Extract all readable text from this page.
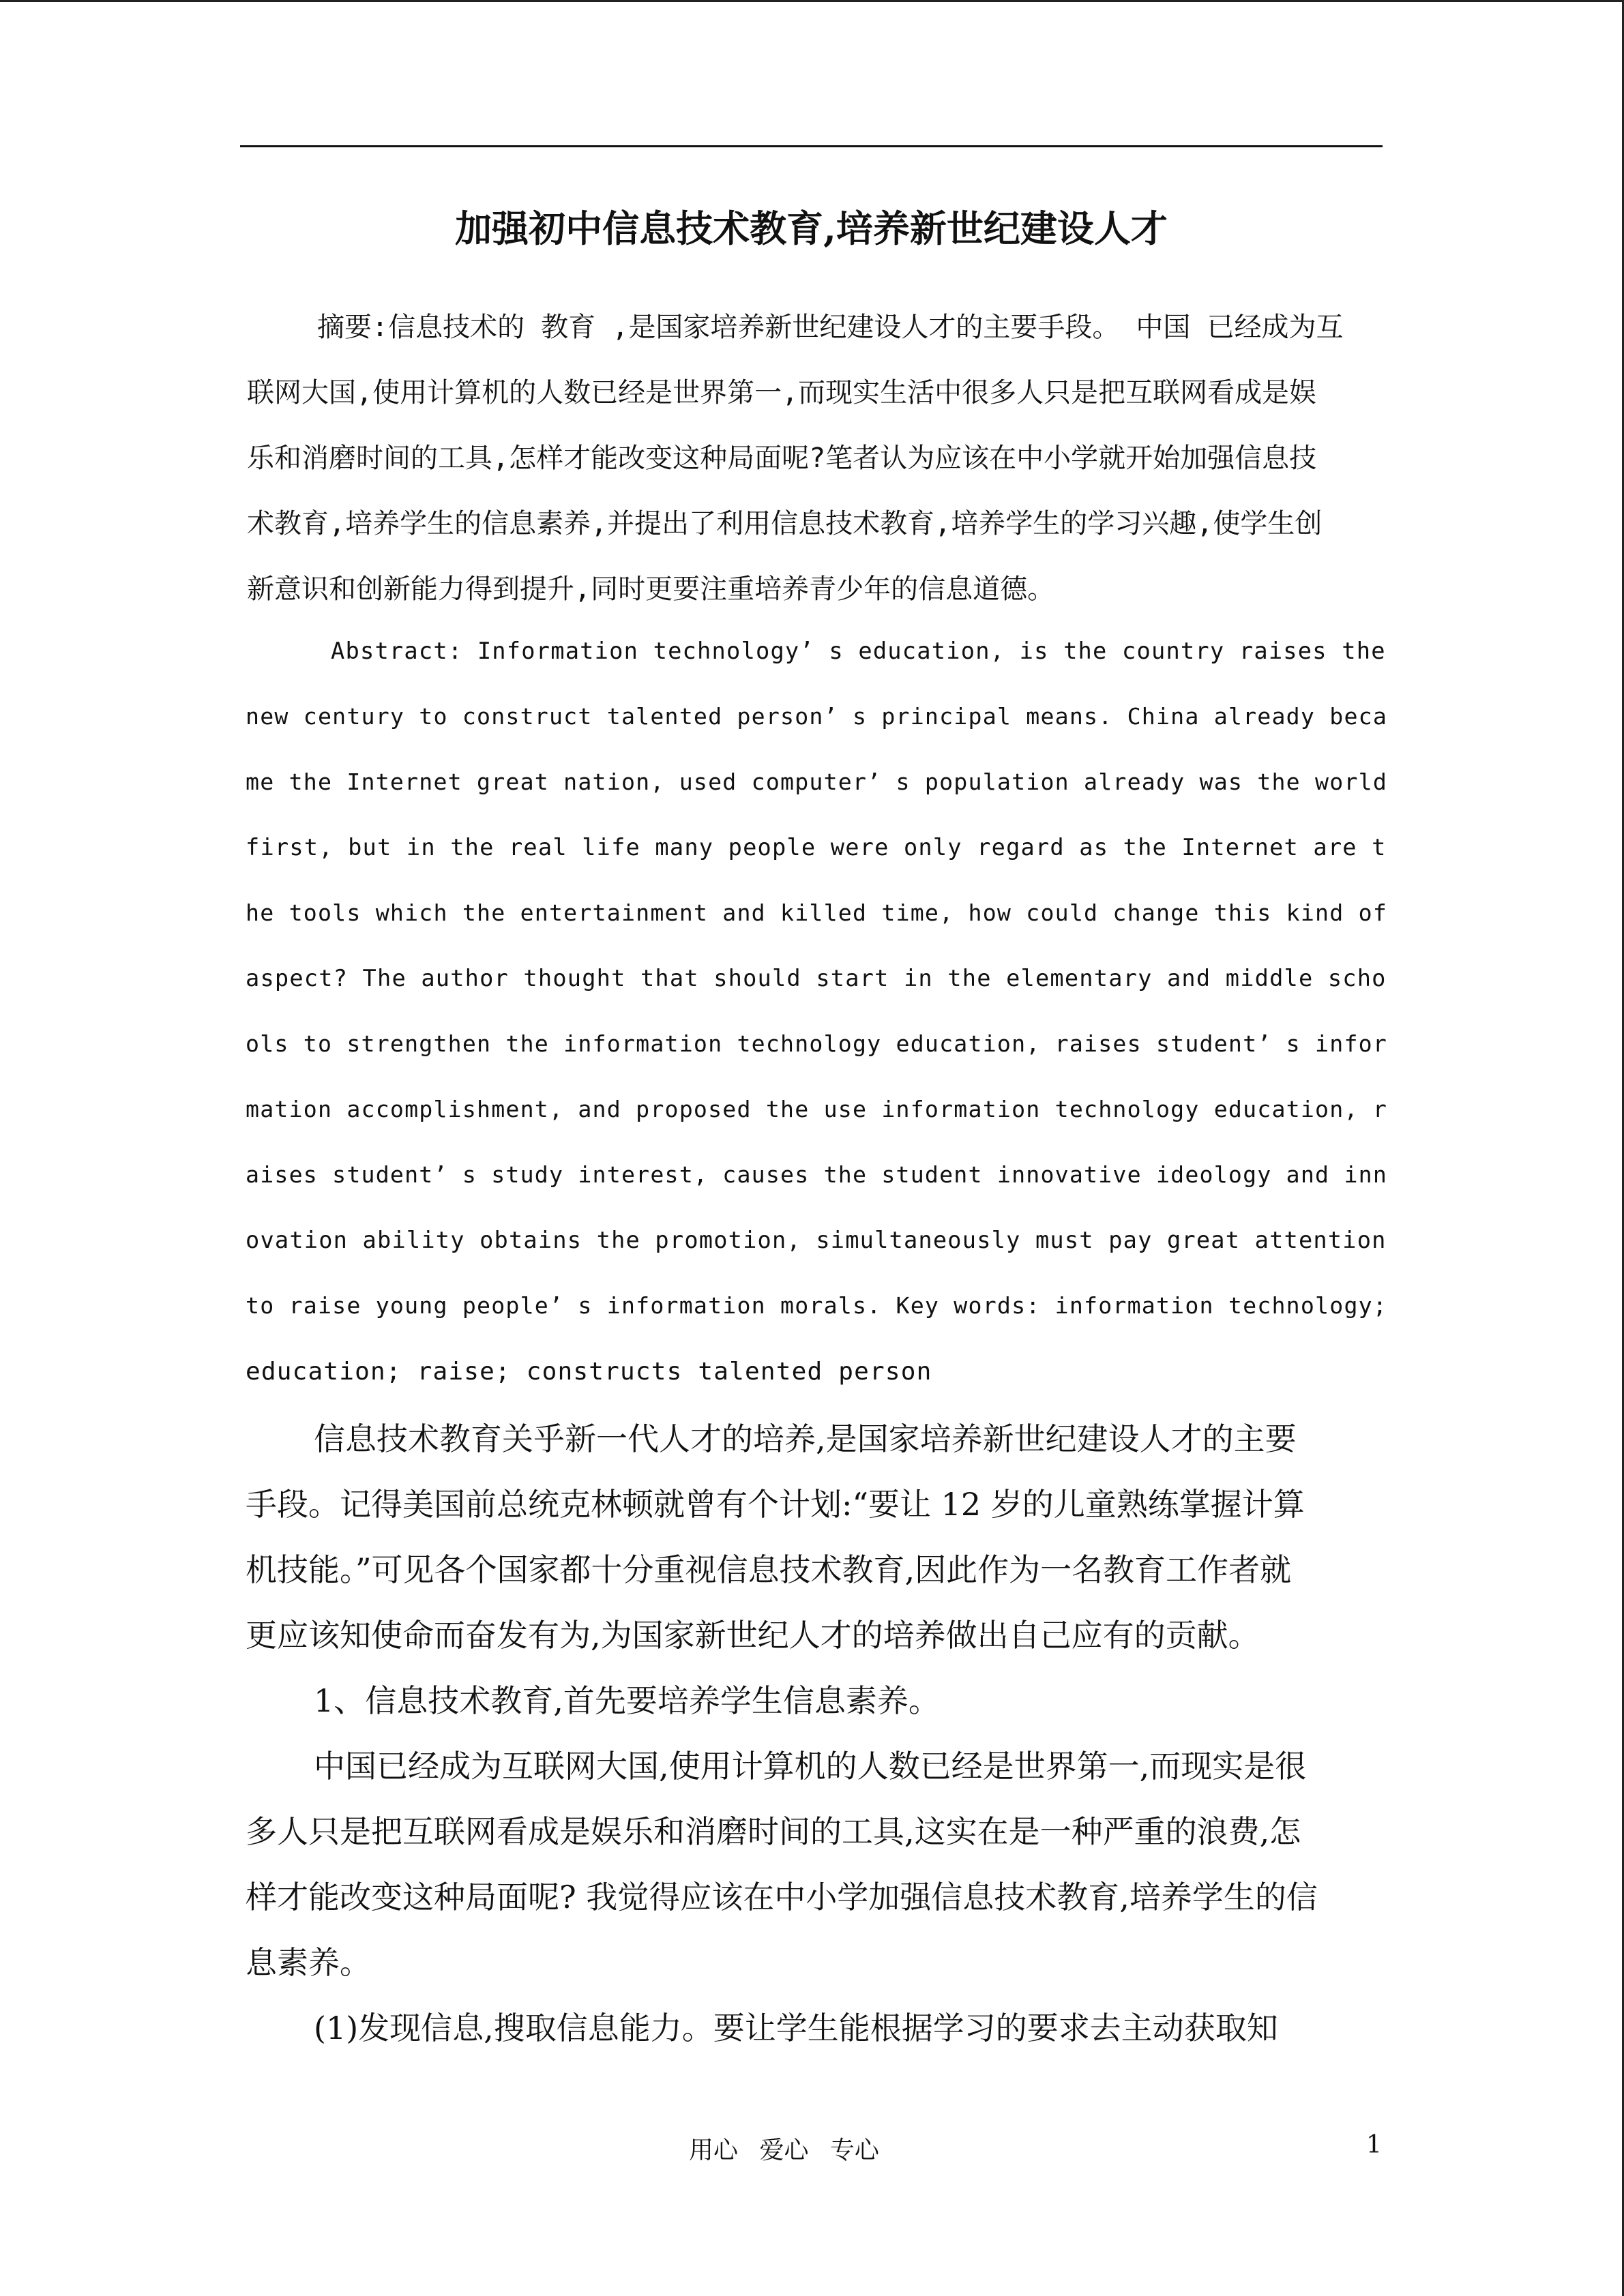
加强初中信息技术教育,培养新世纪建设人才

摘要:信息技术的 教育 ,是国家培养新世纪建设人才的主要手段。 中国 已经成为互

联网大国,使用计算机的人数已经是世界第一,而现实生活中很多人只是把互联网看成是娱

乐和消磨时间的工具,怎样才能改变这种局面呢?笔者认为应该在中小学就开始加强信息技

术教育,培养学生的信息素养,并提出了利用信息技术教育,培养学生的学习兴趣,使学生创

新意识和创新能力得到提升,同时更要注重培养青少年的信息道德。

Abstract: Information technology’ s education, is the country raises the

new century to construct talented person’ s principal means. China already beca

me the Internet great nation, used computer’ s population already was the world

first, but in the real life many people were only regard as the Internet are t

he tools which the entertainment and killed time, how could change this kind of

aspect? The author thought that should start in the elementary and middle scho

ols to strengthen the information technology education, raises student’ s infor

mation accomplishment, and proposed the use information technology education, r

aises student’ s study interest, causes the student innovative ideology and inn

ovation ability obtains the promotion, simultaneously must pay great attention

to raise young people’ s information morals. Key words: information technology;

education; raise; constructs talented person

信息技术教育关乎新一代人才的培养,是国家培养新世纪建设人才的主要

手段。记得美国前总统克林顿就曾有个计划:“要让 12 岁的儿童熟练掌握计算

机技能。”可见各个国家都十分重视信息技术教育,因此作为一名教育工作者就

更应该知使命而奋发有为,为国家新世纪人才的培养做出自己应有的贡献。

1、信息技术教育,首先要培养学生信息素养。

中国已经成为互联网大国,使用计算机的人数已经是世界第一,而现实是很

多人只是把互联网看成是娱乐和消磨时间的工具,这实在是一种严重的浪费,怎

样才能改变这种局面呢? 我觉得应该在中小学加强信息技术教育,培养学生的信

息素养。

(1)发现信息,搜取信息能力。要让学生能根据学习的要求去主动获取知

用心 爱心 专心	1
